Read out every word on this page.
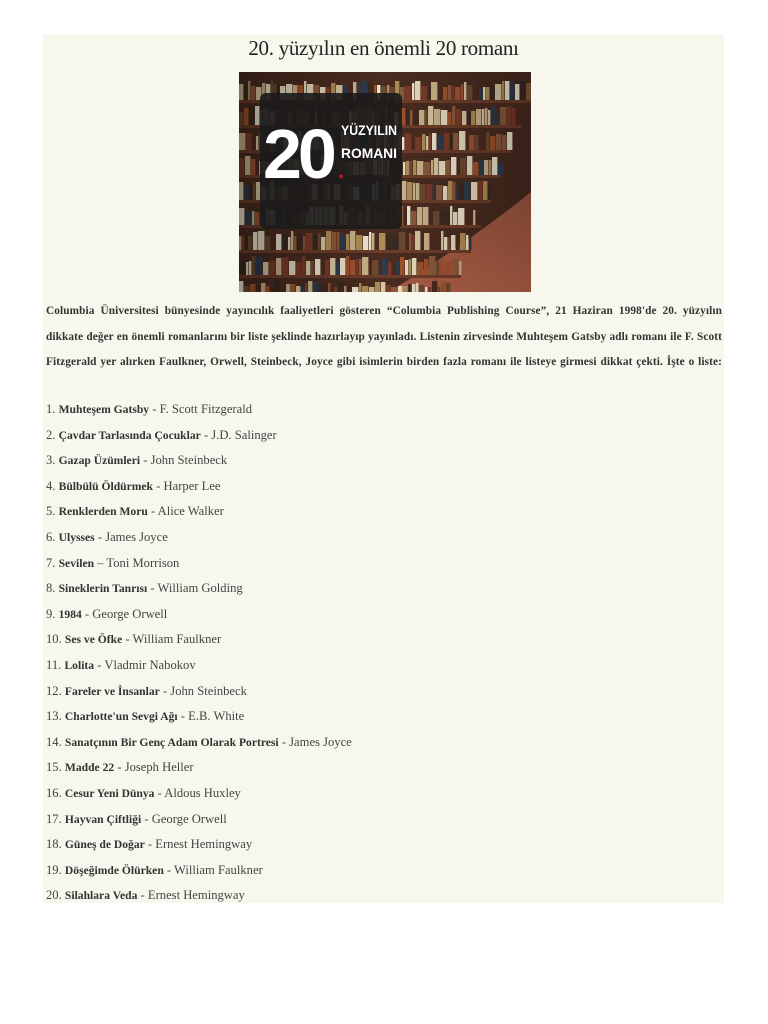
20. yüzyılın en önemli 20 romanı
20 .
YÜZYILIN
ROMANI
Columbia Üniversitesi bünyesinde yayıncılık faaliyetleri gösteren “Columbia Publishing Course”, 21 Haziran 1998'de 20. yüzyılın dikkate değer en önemli romanlarını bir liste şeklinde hazırlayıp yayınladı. Listenin zirvesinde Muhteşem Gatsby adlı romanı ile F. Scott Fitzgerald yer alırken Faulkner, Orwell, Steinbeck, Joyce gibi isimlerin birden fazla romanı ile listeye girmesi dikkat çekti. İşte o liste:
1. Muhteşem Gatsby - F. Scott Fitzgerald
2. Çavdar Tarlasında Çocuklar - J.D. Salinger
3. Gazap Üzümleri - John Steinbeck
4. Bülbülü Öldürmek - Harper Lee
5. Renklerden Moru - Alice Walker
6. Ulysses - James Joyce
7. Sevilen – Toni Morrison
8. Sineklerin Tanrısı - William Golding
9. 1984 - George Orwell
10. Ses ve Öfke - William Faulkner
11. Lolita - Vladmir Nabokov
12. Fareler ve İnsanlar - John Steinbeck
13. Charlotte'un Sevgi Ağı - E.B. White
14. Sanatçının Bir Genç Adam Olarak Portresi - James Joyce
15. Madde 22 - Joseph Heller
16. Cesur Yeni Dünya - Aldous Huxley
17. Hayvan Çiftliği - George Orwell
18. Güneş de Doğar - Ernest Hemingway
19. Döşeğimde Ölürken - William Faulkner
20. Silahlara Veda - Ernest Hemingway
